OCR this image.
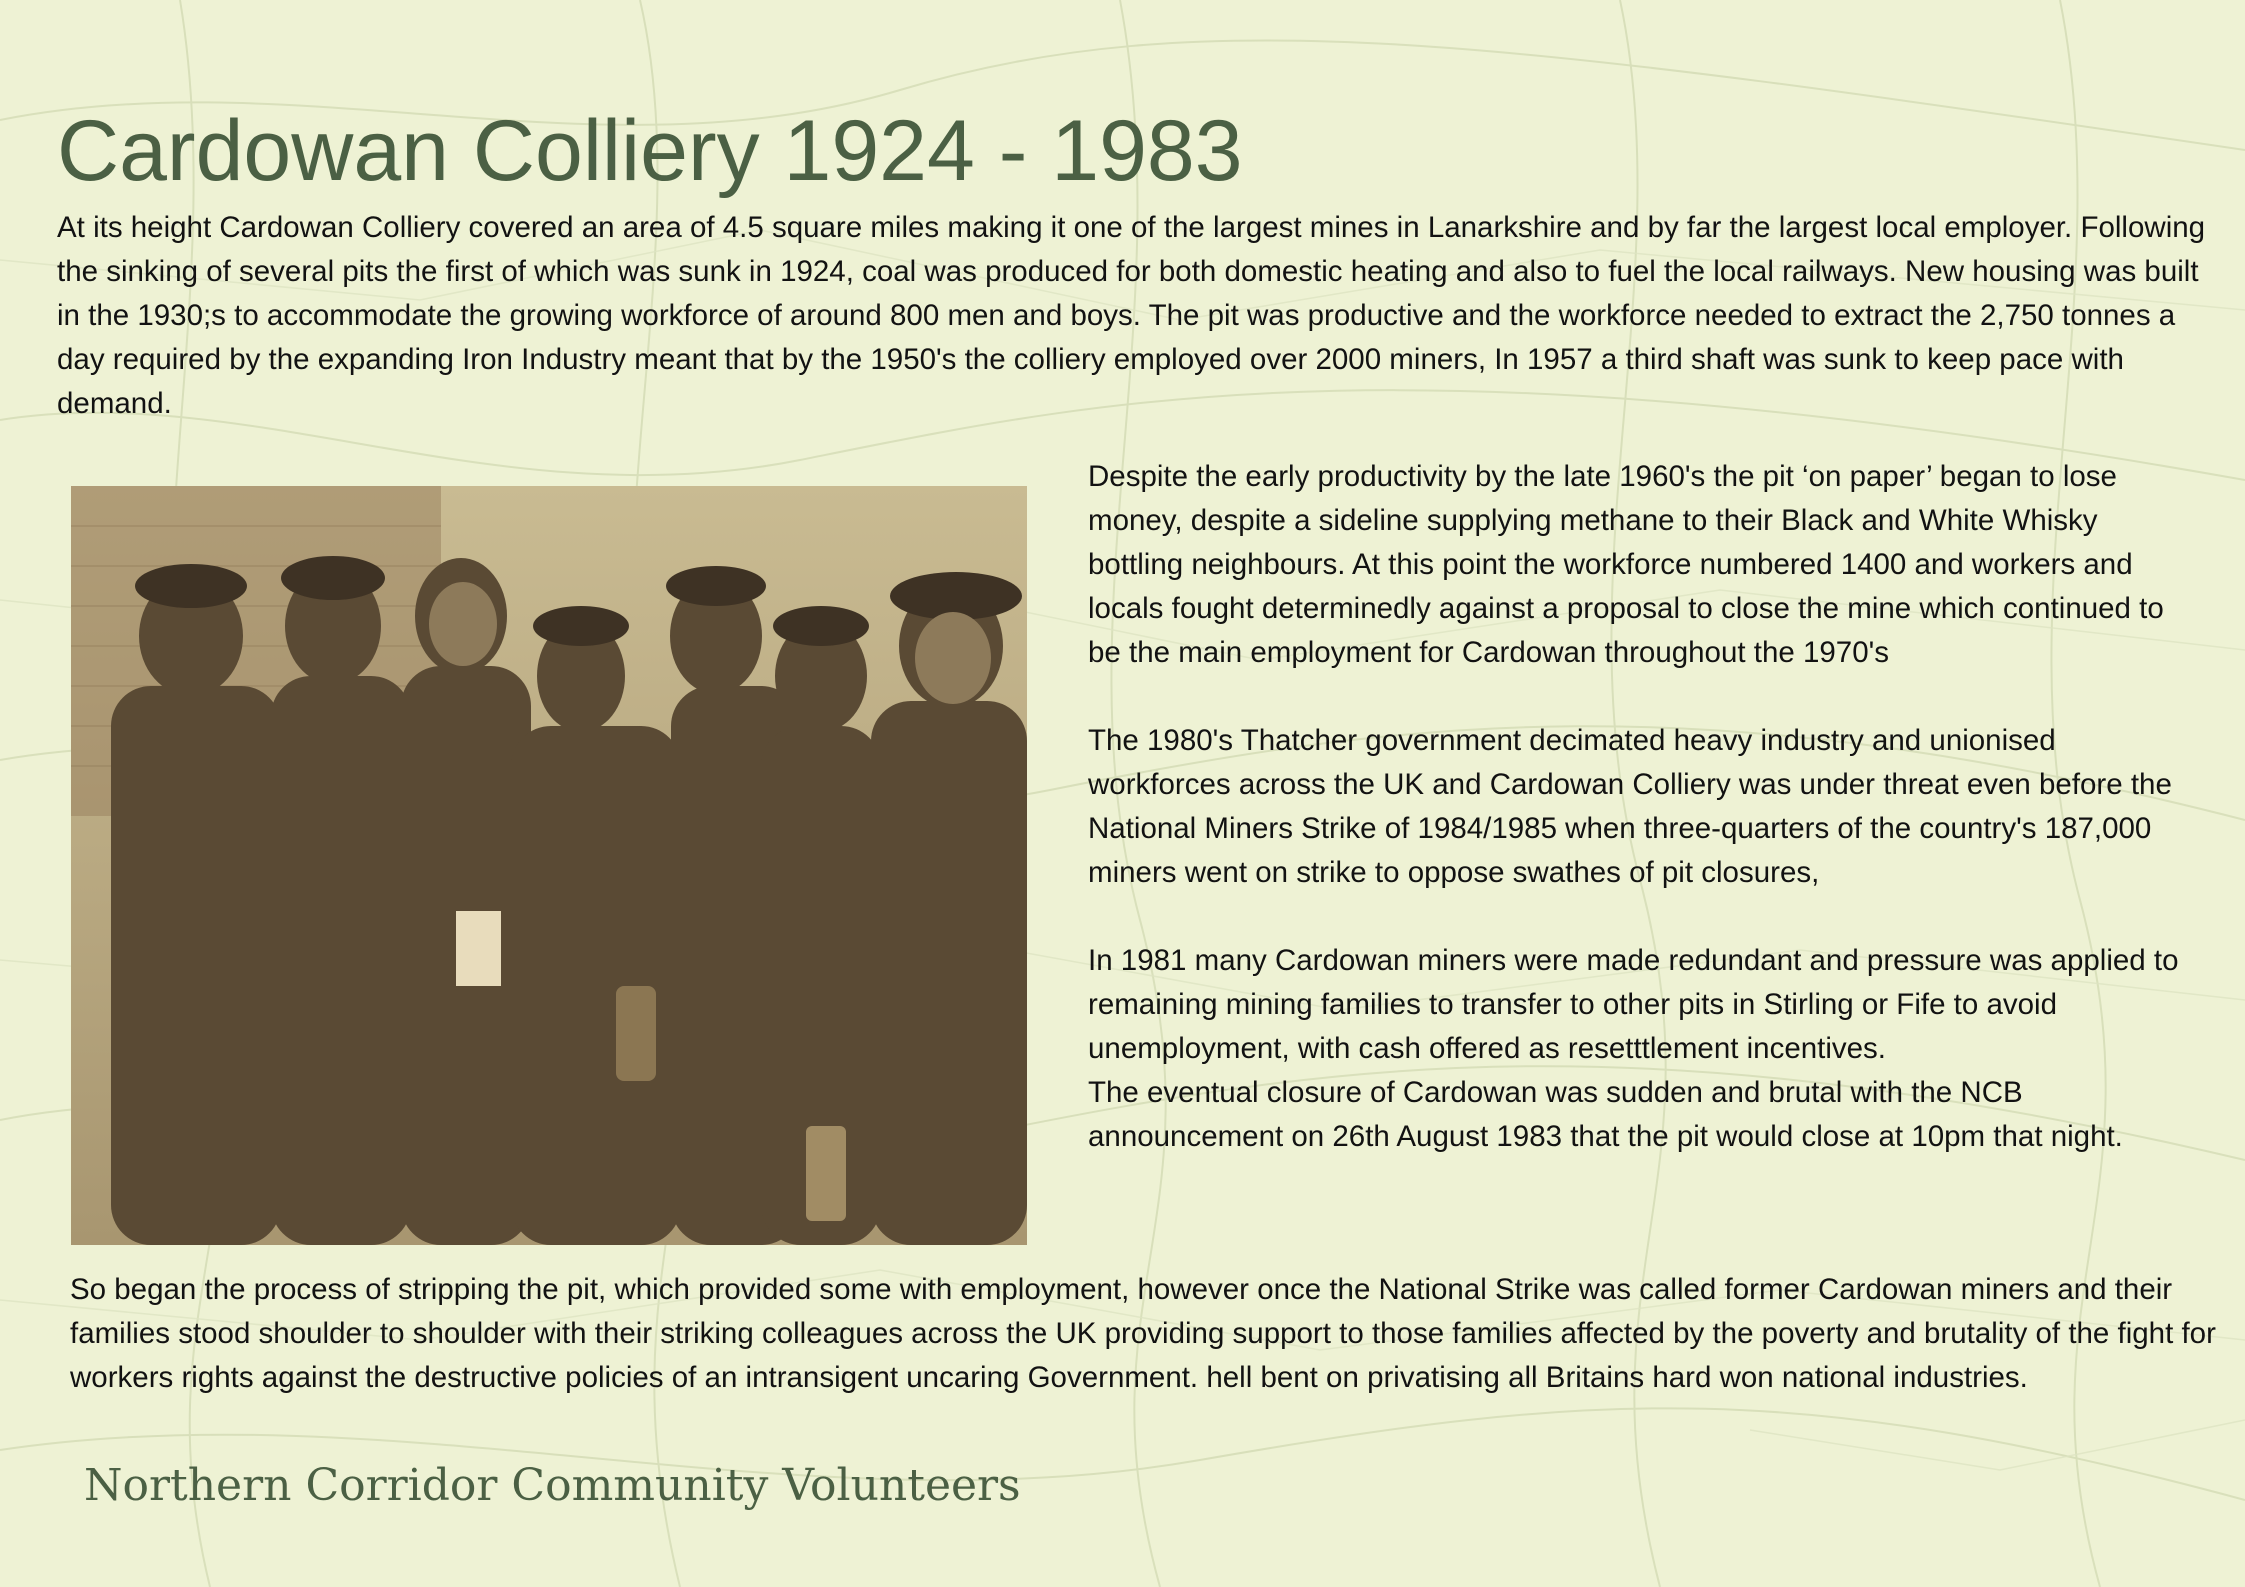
Cardowan Colliery 1924 - 1983

At its height Cardowan Colliery covered an area of 4.5 square miles making it one of the largest mines in Lanarkshire and by far the largest local employer. Following the sinking of several pits the first of which was sunk in 1924, coal was produced for both domestic heating and also to fuel the local railways. New housing was built in the 1930;s to accommodate the growing workforce of around 800 men and boys. The pit was productive and the workforce needed to extract the 2,750 tonnes a day required by the expanding Iron Industry meant that by the 1950's the colliery employed over 2000 miners, In 1957 a third shaft was sunk to keep pace with demand.

Despite the early productivity by the late 1960's the pit ‘on paper’ began to lose money, despite a sideline supplying methane to their Black and White Whisky bottling neighbours. At this point the workforce numbered 1400 and workers and locals fought determinedly against a proposal to close the mine which continued to be the main employment for Cardowan throughout the 1970's

The 1980's Thatcher government decimated heavy industry and unionised workforces across the UK and Cardowan Colliery was under threat even before the National Miners Strike of 1984/1985 when three-quarters of the country's 187,000 miners went on strike to oppose swathes of pit closures,

In 1981 many Cardowan miners were made redundant and pressure was applied to remaining mining families to transfer to other pits in Stirling or Fife to avoid unemployment, with cash offered as resetttlement incentives.

The eventual closure of Cardowan was sudden and brutal with the NCB announcement on 26th August 1983 that the pit would close at 10pm that night.

So began the process of stripping the pit, which provided some with employment, however once the National Strike was called former Cardowan miners and their families stood shoulder to shoulder with their striking colleagues across the UK providing support to those families affected by the poverty and brutality of the fight for workers rights against the destructive policies of an intransigent uncaring Government. hell bent on privatising all Britains hard won national industries.

Northern Corridor Community Volunteers
